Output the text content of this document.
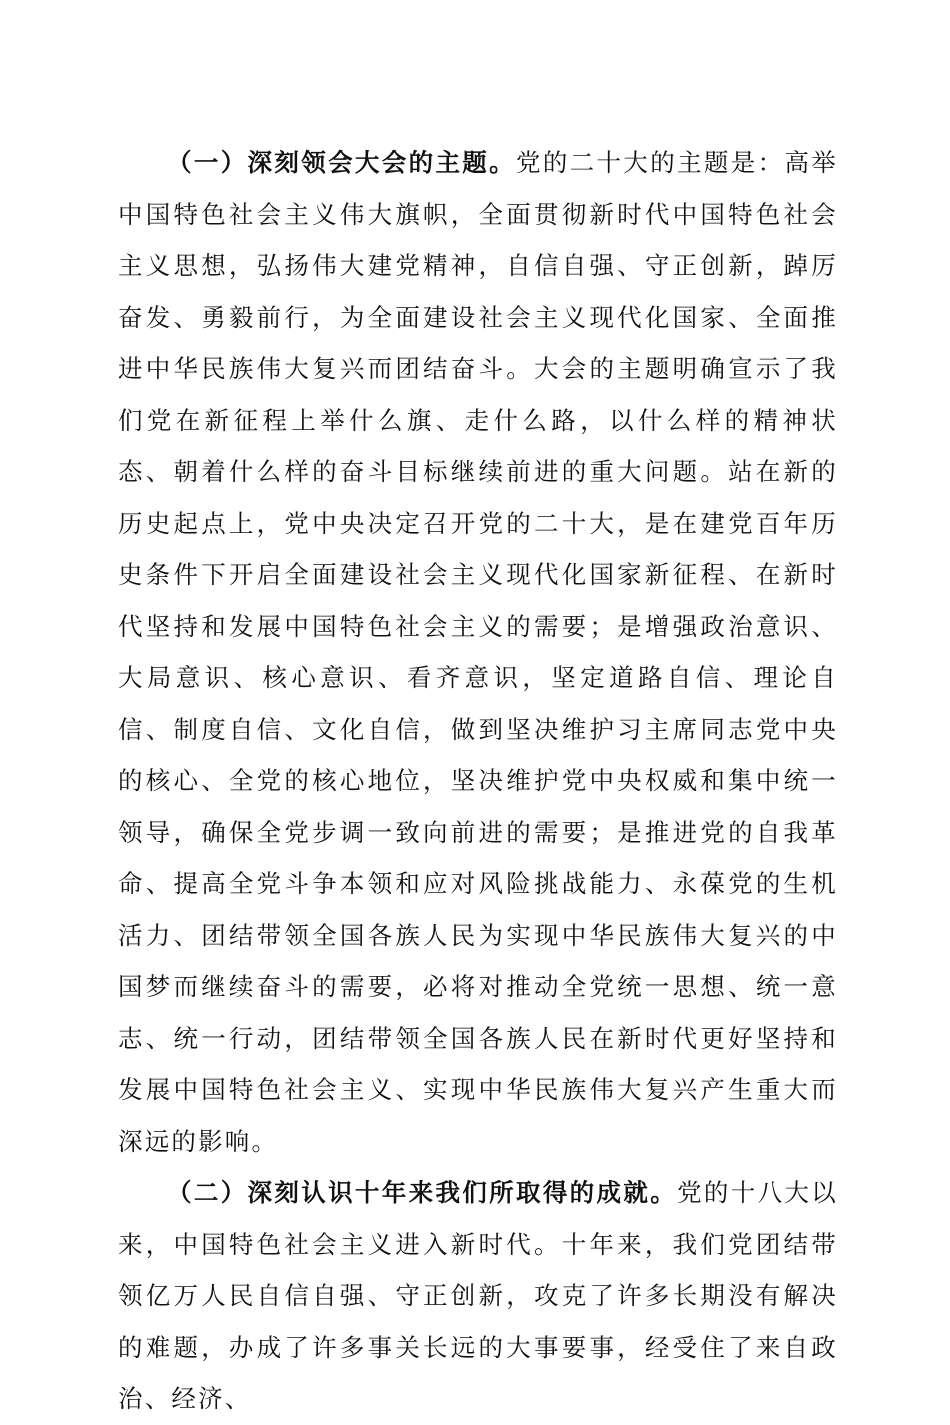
（一）深刻领会大会的主题。党的二十大的主题是：高举中国特色社会主义伟大旗帜，全面贯彻新时代中国特色社会主义思想，弘扬伟大建党精神，自信自强、守正创新，踔厉奋发、勇毅前行，为全面建设社会主义现代化国家、全面推进中华民族伟大复兴而团结奋斗。大会的主题明确宣示了我们党在新征程上举什么旗、走什么路，以什么样的精神状态、朝着什么样的奋斗目标继续前进的重大问题。站在新的历史起点上，党中央决定召开党的二十大，是在建党百年历史条件下开启全面建设社会主义现代化国家新征程、在新时代坚持和发展中国特色社会主义的需要；是增强政治意识、大局意识、核心意识、看齐意识，坚定道路自信、理论自信、制度自信、文化自信，做到坚决维护习主席同志党中央的核心、全党的核心地位，坚决维护党中央权威和集中统一领导，确保全党步调一致向前进的需要；是推进党的自我革命、提高全党斗争本领和应对风险挑战能力、永葆党的生机活力、团结带领全国各族人民为实现中华民族伟大复兴的中国梦而继续奋斗的需要，必将对推动全党统一思想、统一意志、统一行动，团结带领全国各族人民在新时代更好坚持和发展中国特色社会主义、实现中华民族伟大复兴产生重大而深远的影响。

（二）深刻认识十年来我们所取得的成就。党的十八大以来，中国特色社会主义进入新时代。十年来，我们党团结带领亿万人民自信自强、守正创新，攻克了许多长期没有解决的难题，办成了许多事关长远的大事要事，经受住了来自政治、经济、
